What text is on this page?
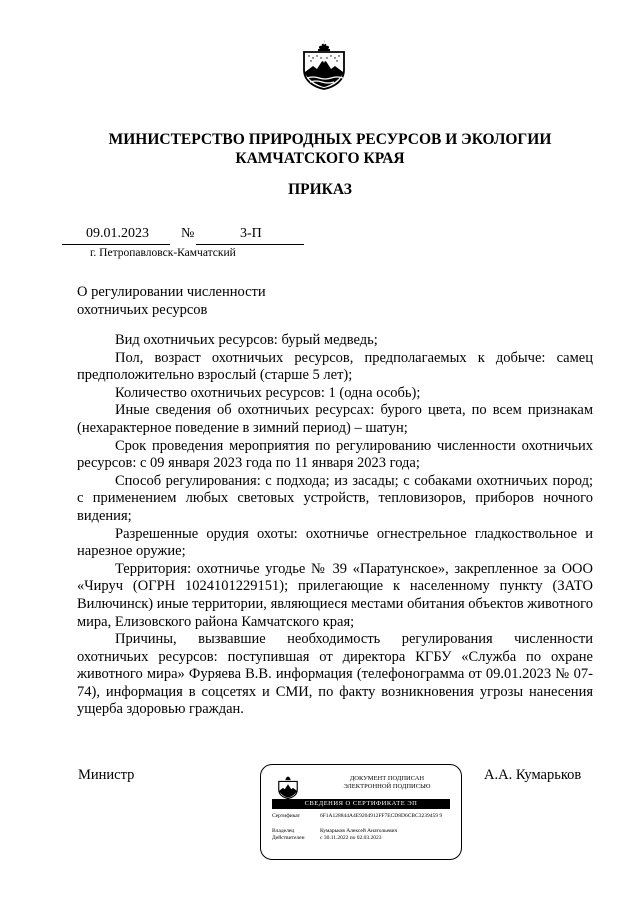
МИНИСТЕРСТВО ПРИРОДНЫХ РЕСУРСОВ И ЭКОЛОГИИ
КАМЧАТСКОГО КРАЯ
ПРИКАЗ
09.01.2023 №	3-П
г. Петропавловск-Камчатский
О регулировании численности
охотничьих ресурсов

Вид охотничьих ресурсов: бурый медведь;

Пол, возраст охотничьих ресурсов, предполагаемых к добыче: самец предположительно взрослый (старше 5 лет);

Количество охотничьих ресурсов: 1 (одна особь);

Иные сведения об охотничьих ресурсах: бурого цвета, по всем признакам (нехарактерное поведение в зимний период) – шатун;

Срок проведения мероприятия по регулированию численности охотничьих ресурсов: с 09 января 2023 года по 11 января 2023 года;

Способ регулирования: с подхода; из засады; с собаками охотничьих пород; с применением любых световых устройств, тепловизоров, приборов ночного видения;

Разрешенные орудия охоты: охотничье огнестрельное гладкоствольное и нарезное оружие;

Территория: охотничье угодье № 39 «Паратунское», закрепленное за ООО «Чируч (ОГРН 1024101229151); прилегающие к населенному пункту (ЗАТО Вилючинск) иные территории, являющиеся местами обитания объектов животного мира, Елизовского района Камчатского края;

Причины, вызвавшие необходимость регулирования численности охотничьих ресурсов: поступившая от директора КГБУ «Служба по охране животного мира» Фуряева В.В. информация (телефонограмма от 09.01.2023 № 07-74), информация в соцсетях и СМИ, по факту возникновения угрозы нанесения ущерба здоровью граждан.

Министр	А.А. Кумарьков
ДОКУМЕНТ ПОДПИСАН
ЭЛЕКТРОННОЙ ПОДПИСЬЮ
СВЕДЕНИЯ О СЕРТИФИКАТЕ ЭП
Сертификат	6F1A128844A4E9204912FF7ECD8D6CBC3239459 9
Владелец	Кумарьков Алексей Анатольевич
Действителен	с 30.11.2022 по 02.03.2023
